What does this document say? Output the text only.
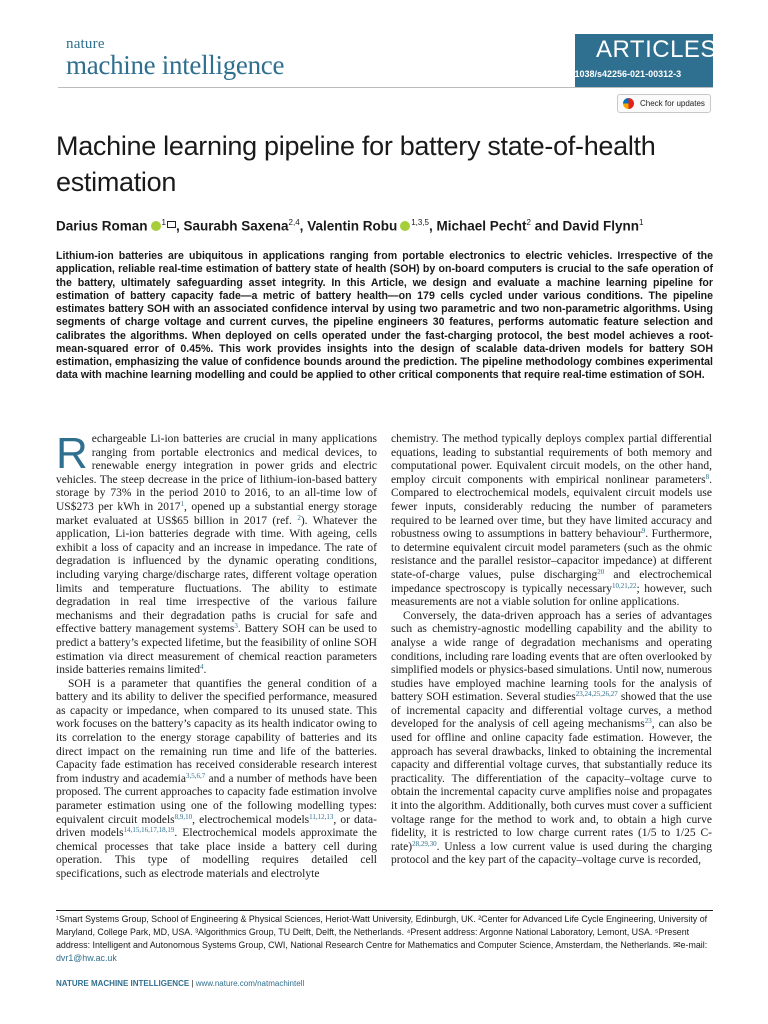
nature
machine intelligence
ARTICLES
https://doi.org/10.1038/s42256-021-00312-3
Check for updates
Machine learning pipeline for battery state-of-health estimation
Darius Roman $^1$ , Saurabh Saxena$^{2,4}$, Valentin Robu $^{1,3,5}$, Michael Pecht$^2$ and David Flynn$^1$

Lithium-ion batteries are ubiquitous in applications ranging from portable electronics to electric vehicles. Irrespective of the application, reliable real-time estimation of battery state of health (SOH) by on-board computers is crucial to the safe operation of the battery, ultimately safeguarding asset integrity. In this Article, we design and evaluate a machine learning pipeline for estimation of battery capacity fade—a metric of battery health—on 179 cells cycled under various conditions. The pipeline estimates battery SOH with an associated confidence interval by using two parametric and two non-parametric algorithms. Using segments of charge voltage and current curves, the pipeline engineers 30 features, performs automatic feature selection and calibrates the algorithms. When deployed on cells operated under the fast-charging protocol, the best model achieves a root-mean-squared error of 0.45%. This work provides insights into the design of scalable data-driven models for battery SOH estimation, emphasizing the value of confidence bounds around the prediction. The pipeline methodology combines experimental data with machine learning modelling and could be applied to other critical components that require real-time estimation of SOH.

Rechargeable Li-ion batteries are crucial in many applications ranging from portable electronics and medical devices, to renewable energy integration in power grids and electric vehicles. The steep decrease in the price of lithium-ion-based battery storage by 73% in the period 2010 to 2016, to an all-time low of US$273 per kWh in 2017$^1$, opened up a substantial energy storage market evaluated at US$65 billion in 2017 (ref. $^2$). Whatever the application, Li-ion batteries degrade with time. With ageing, cells exhibit a loss of capacity and an increase in impedance. The rate of degradation is influenced by the dynamic operating conditions, including varying charge/discharge rates, different voltage operation limits and temperature fluctuations. The ability to estimate degradation in real time irrespective of the various failure mechanisms and their degradation paths is crucial for safe and effective battery management systems$^3$. Battery SOH can be used to predict a battery’s expected lifetime, but the feasibility of online SOH estimation via direct measurement of chemical reaction parameters inside batteries remains limited$^4$.

SOH is a parameter that quantifies the general condition of a battery and its ability to deliver the specified performance, measured as capacity or impedance, when compared to its unused state. This work focuses on the battery’s capacity as its health indicator owing to its correlation to the energy storage capability of batteries and its direct impact on the remaining run time and life of the batteries. Capacity fade estimation has received considerable research interest from industry and academia$^{3,5,6,7}$ and a number of methods have been proposed. The current approaches to capacity fade estimation involve parameter estimation using one of the following modelling types: equivalent circuit models$^{8,9,10}$, electrochemical models$^{11,12,13}$, or data-driven models$^{14,15,16,17,18,19}$. Electrochemical models approximate the chemical processes that take place inside a battery cell during operation. This type of modelling requires detailed cell specifications, such as electrode materials and electrolyte

chemistry. The method typically deploys complex partial differential equations, leading to substantial requirements of both memory and computational power. Equivalent circuit models, on the other hand, employ circuit components with empirical nonlinear parameters$^8$. Compared to electrochemical models, equivalent circuit models use fewer inputs, considerably reducing the number of parameters required to be learned over time, but they have limited accuracy and robustness owing to assumptions in battery behaviour$^9$. Furthermore, to determine equivalent circuit model parameters (such as the ohmic resistance and the parallel resistor–capacitor impedance) at different state-of-charge values, pulse discharging$^{20}$ and electrochemical impedance spectroscopy is typically necessary$^{10,21,22}$; however, such measurements are not a viable solution for online applications.

Conversely, the data-driven approach has a series of advantages such as chemistry-agnostic modelling capability and the ability to analyse a wide range of degradation mechanisms and operating conditions, including rare loading events that are often overlooked by simplified models or physics-based simulations. Until now, numerous studies have employed machine learning tools for the analysis of battery SOH estimation. Several studies$^{23,24,25,26,27}$ showed that the use of incremental capacity and differential voltage curves, a method developed for the analysis of cell ageing mechanisms$^{23}$, can also be used for offline and online capacity fade estimation. However, the approach has several drawbacks, linked to obtaining the incremental capacity and differential voltage curves, that substantially reduce its practicality. The differentiation of the capacity–voltage curve to obtain the incremental capacity curve amplifies noise and propagates it into the algorithm. Additionally, both curves must cover a sufficient voltage range for the method to work and, to obtain a high curve fidelity, it is restricted to low charge current rates (1/5 to 1/25 C-rate)$^{28,29,30}$. Unless a low current value is used during the charging protocol and the key part of the capacity–voltage curve is recorded,

¹Smart Systems Group, School of Engineering & Physical Sciences, Heriot-Watt University, Edinburgh, UK. ²Center for Advanced Life Cycle Engineering, University of Maryland, College Park, MD, USA. ³Algorithmics Group, TU Delft, Delft, the Netherlands. ⁴Present address: Argonne National Laboratory, Lemont, USA. ⁵Present address: Intelligent and Autonomous Systems Group, CWI, National Research Centre for Mathematics and Computer Science, Amsterdam, the Netherlands. ✉e-mail: dvr1@hw.ac.uk

NATURE MACHINE INTELLIGENCE | www.nature.com/natmachintell
